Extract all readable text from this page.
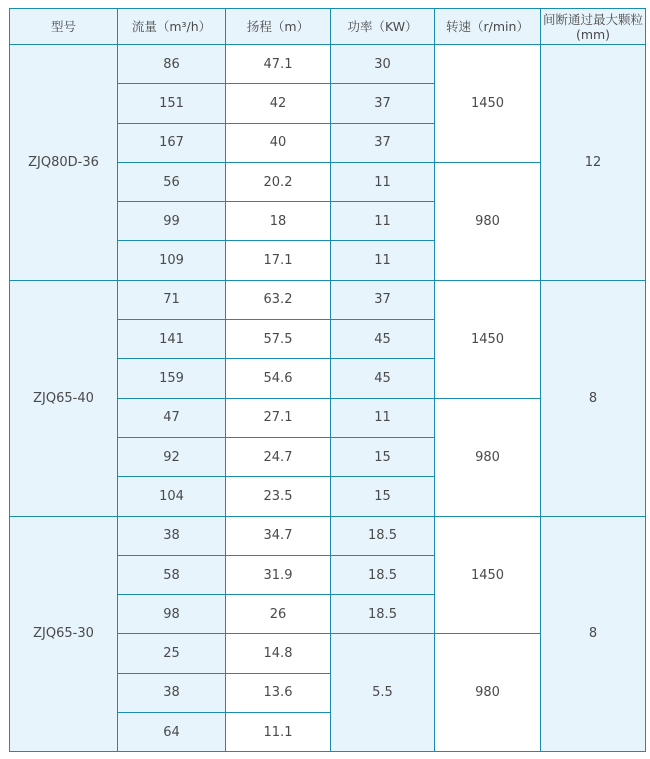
型号	流量（m³/h）	扬程（m）	功率（KW）	转速（r/min）	间断通过最大颗粒(mm)
ZJQ80D-36	86	47.1	30	1450	12
	151	42	37		
	167	40	37		
	56	20.2	11	980	
	99	18	11		
	109	17.1	11		
ZJQ65-40	71	63.2	37	1450	8
	141	57.5	45		
	159	54.6	45		
	47	27.1	11	980	
	92	24.7	15		
	104	23.5	15		
ZJQ65-30	38	34.7	18.5	1450	8
	58	31.9	18.5		
	98	26	18.5		
	25	14.8	5.5	980	
	38	13.6			
	64	11.1			
